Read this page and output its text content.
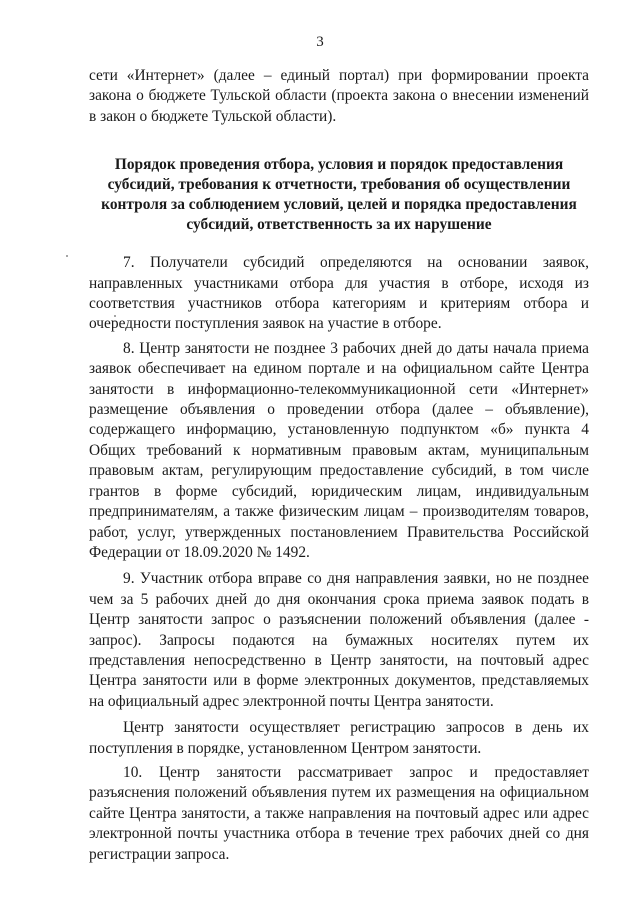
3

сети «Интернет» (далее – единый портал) при формировании проекта закона о бюджете Тульской области (проекта закона о внесении изменений в закон о бюджете Тульской области).

Порядок проведения отбора, условия и порядок предоставления субсидий, требования к отчетности, требования об осуществлении контроля за соблюдением условий, целей и порядка предоставления субсидий, ответственность за их нарушение

7. Получатели субсидий определяются на основании заявок, направленных участниками отбора для участия в отборе, исходя из соответствия участников отбора категориям и критериям отбора и очередности поступления заявок на участие в отборе.

8. Центр занятости не позднее 3 рабочих дней до даты начала приема заявок обеспечивает на едином портале и на официальном сайте Центра занятости в информационно-телекоммуникационной сети «Интернет» размещение объявления о проведении отбора (далее – объявление), содержащего информацию, установленную подпунктом «б» пункта 4 Общих требований к нормативным правовым актам, муниципальным правовым актам, регулирующим предоставление субсидий, в том числе грантов в форме субсидий, юридическим лицам, индивидуальным предпринимателям, а также физическим лицам – производителям товаров, работ, услуг, утвержденных постановлением Правительства Российской Федерации от 18.09.2020 № 1492.

9. Участник отбора вправе со дня направления заявки, но не позднее чем за 5 рабочих дней до дня окончания срока приема заявок подать в Центр занятости запрос о разъяснении положений объявления (далее - запрос). Запросы подаются на бумажных носителях путем их представления непосредственно в Центр занятости, на почтовый адрес Центра занятости или в форме электронных документов, представляемых на официальный адрес электронной почты Центра занятости.

Центр занятости осуществляет регистрацию запросов в день их поступления в порядке, установленном Центром занятости.

10. Центр занятости рассматривает запрос и предоставляет разъяснения положений объявления путем их размещения на официальном сайте Центра занятости, а также направления на почтовый адрес или адрес электронной почты участника отбора в течение трех рабочих дней со дня регистрации запроса.
